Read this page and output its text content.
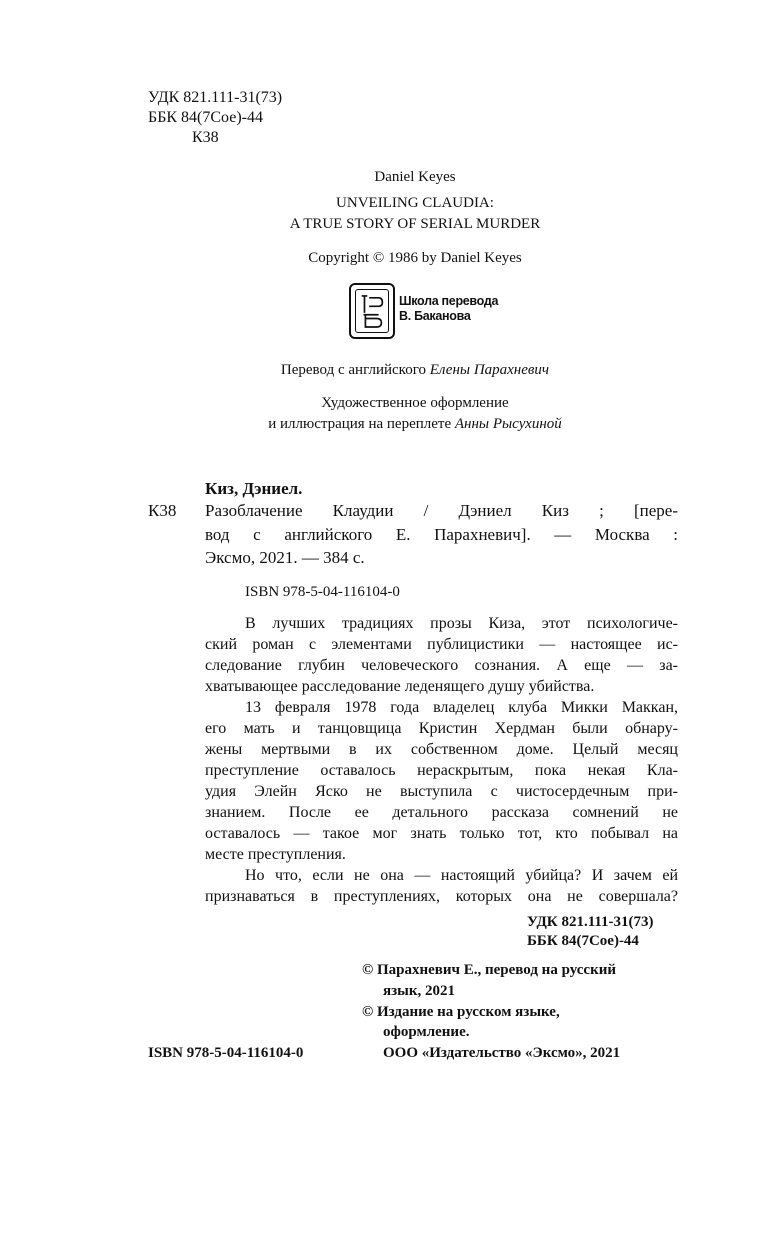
УДК 821.111-31(73)
ББК 84(7Сое)-44
К38
Daniel Keyes
UNVEILING CLAUDIA:
A TRUE STORY OF SERIAL MURDER
Copyright © 1986 by Daniel Keyes
Школа перевода
В. Баканова
Перевод с английского Елены Парахневич
Художественное оформление
и иллюстрация на переплете Анны Рысухиной
Киз, Дэниел.
К38 Разоблачение Клаудии / Дэниел Киз ; [пере-
вод с английского Е. Парахневич]. — Москва :
Эксмо, 2021. — 384 с.
ISBN 978-5-04-116104-0
В лучших традициях прозы Киза, этот психологиче-
ский роман с элементами публицистики — настоящее ис-
следование глубин человеческого сознания. А еще — за-
хватывающее расследование леденящего душу убийства.
13 февраля 1978 года владелец клуба Микки Маккан,
его мать и танцовщица Кристин Хердман были обнару-
жены мертвыми в их собственном доме. Целый месяц
преступление оставалось нераскрытым, пока некая Кла-
удия Элейн Яско не выступила с чистосердечным при-
знанием. После ее детального рассказа сомнений не
оставалось — такое мог знать только тот, кто побывал на
месте преступления.
Но что, если не она — настоящий убийца? И зачем ей
признаваться в преступлениях, которых она не совершала?
УДК 821.111-31(73)
ББК 84(7Сое)-44
© Парахневич Е., перевод на русский
язык, 2021
© Издание на русском языке,
оформление.
ООО «Издательство «Эксмо», 2021
ISBN 978-5-04-116104-0
